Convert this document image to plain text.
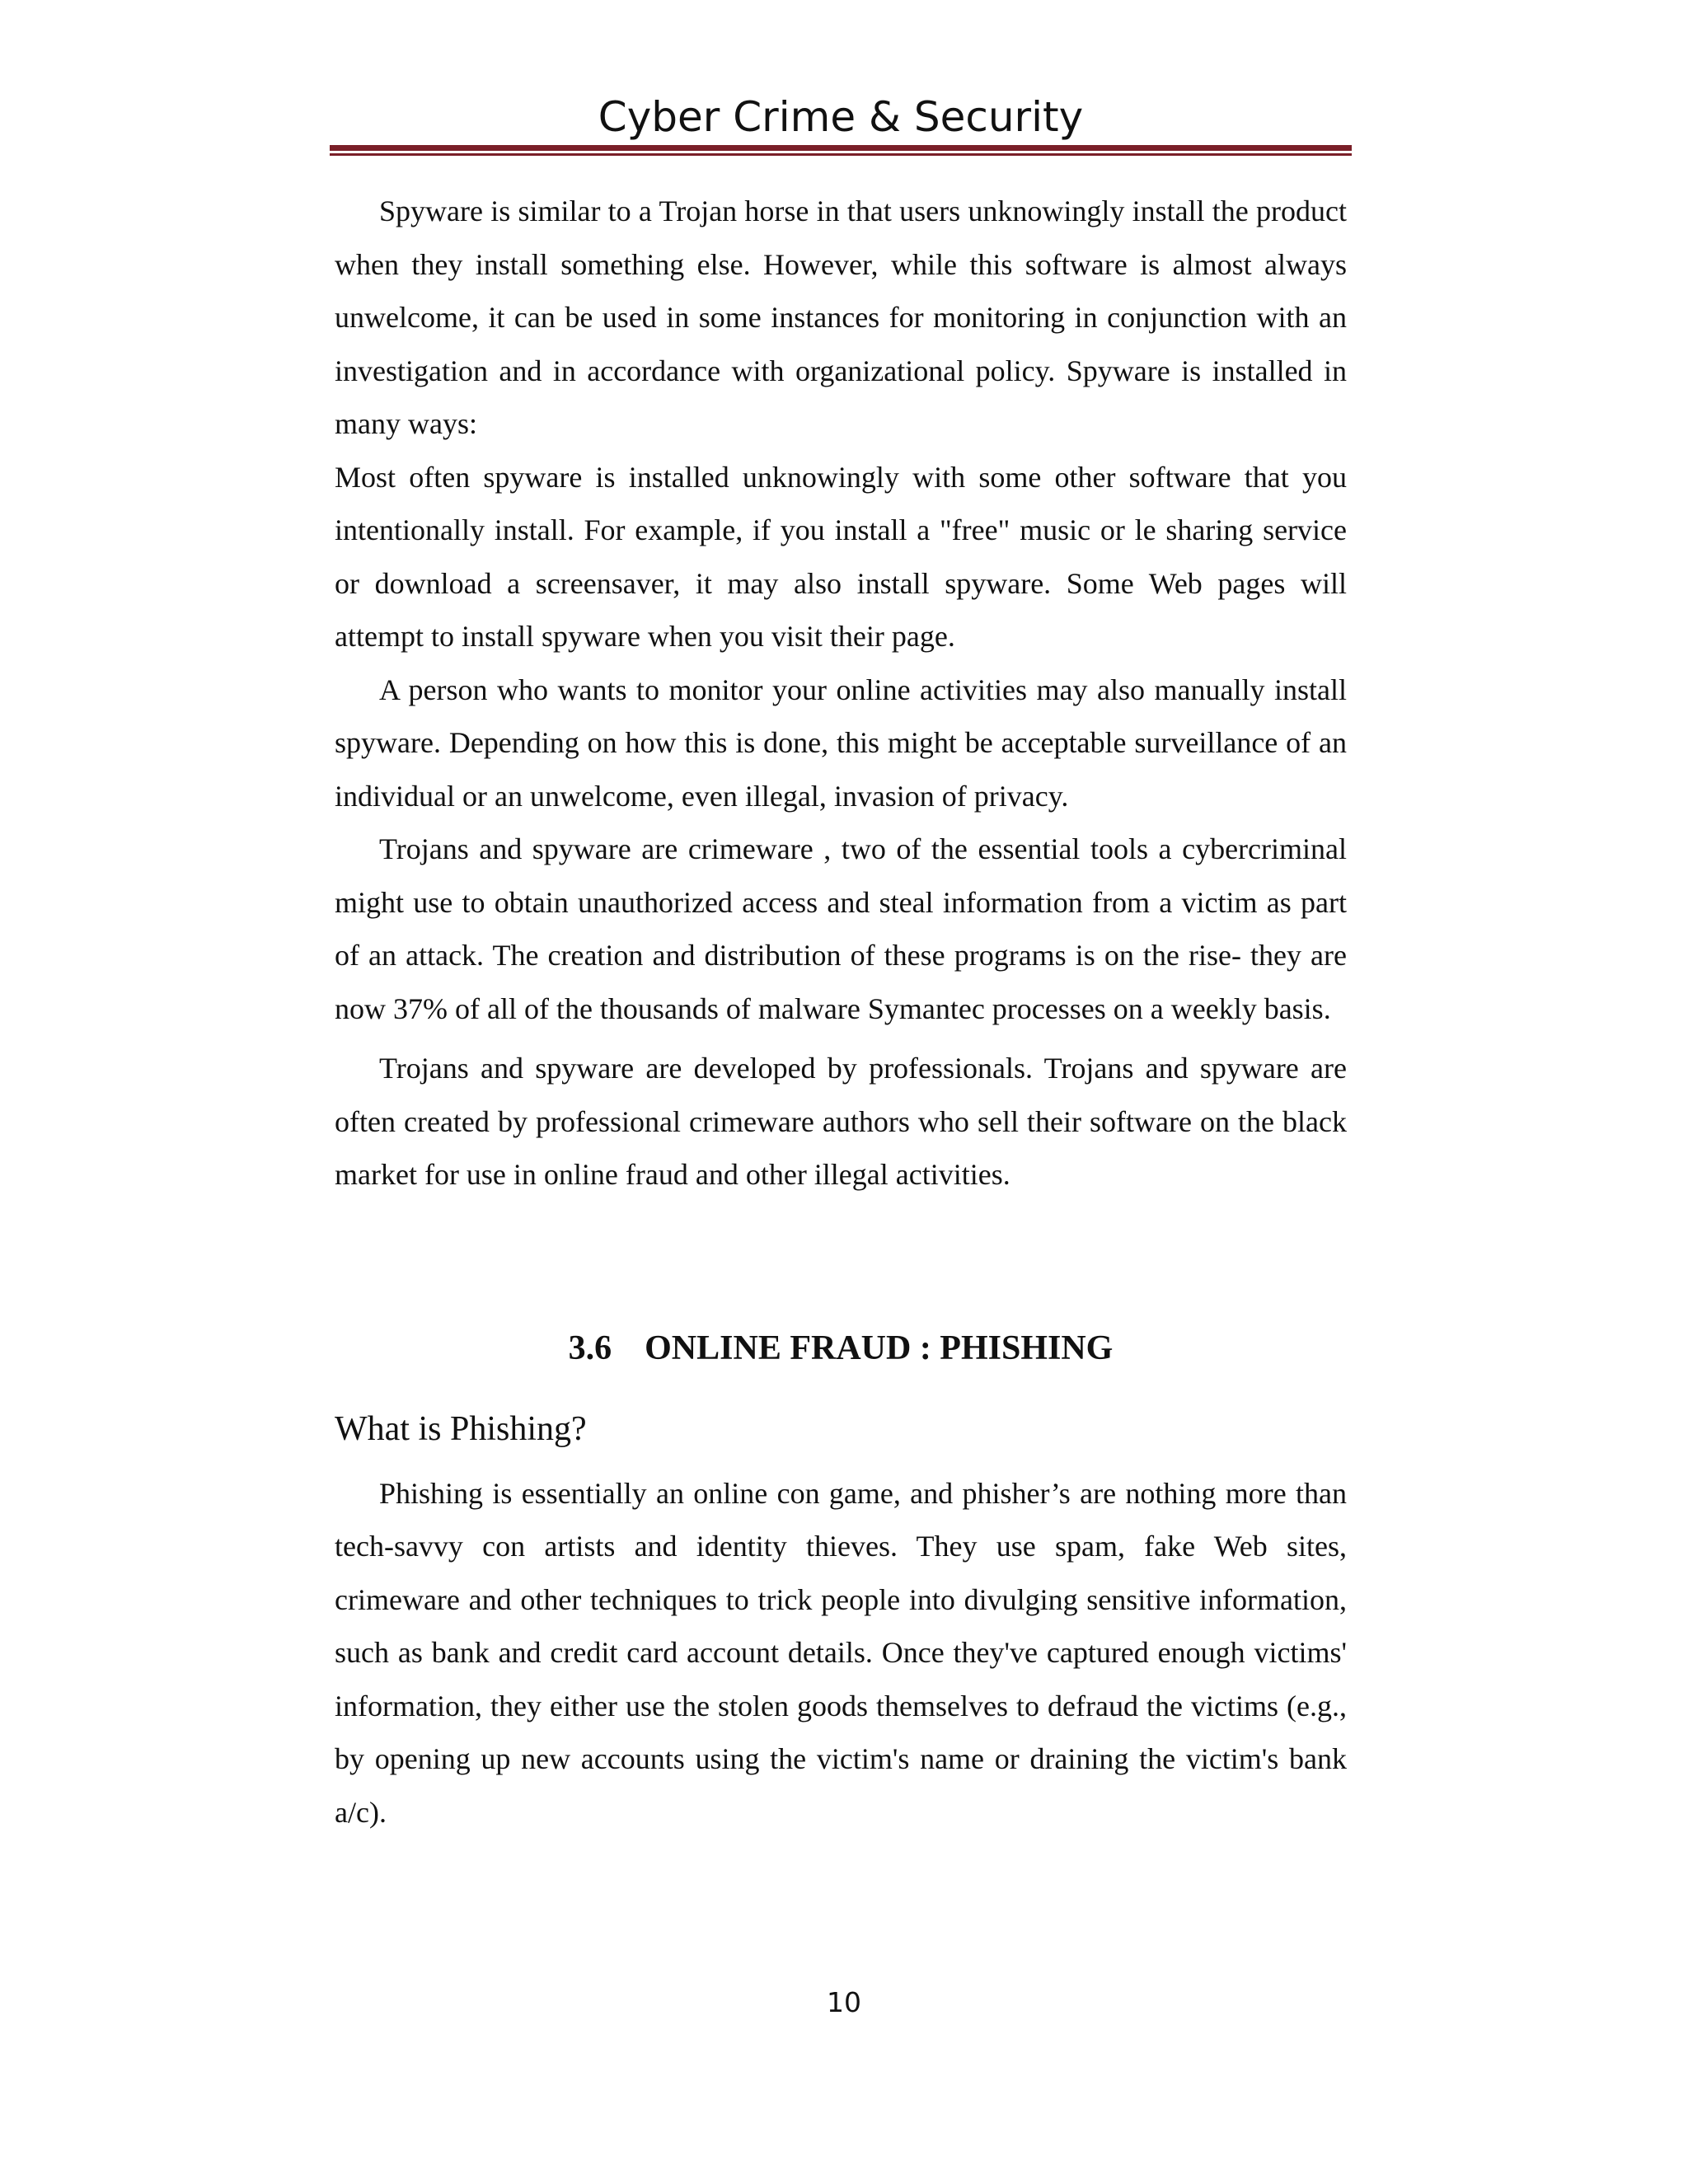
Cyber Crime & Security

Spyware is similar to a Trojan horse in that users unknowingly install the product when they install something else. However, while this software is almost always unwelcome, it can be used in some instances for monitoring in conjunction with an investigation and in accordance with organizational policy. Spyware is installed in many ways:

Most often spyware is installed unknowingly with some other software that you intentionally install. For example, if you install a "free" music or le sharing service or download a screensaver, it may also install spyware. Some Web pages will attempt to install spyware when you visit their page.

A person who wants to monitor your online activities may also manually install spyware. Depending on how this is done, this might be acceptable surveillance of an individual or an unwelcome, even illegal, invasion of privacy.

Trojans and spyware are crimeware , two of the essential tools a cybercriminal might use to obtain unauthorized access and steal information from a victim as part of an attack. The creation and distribution of these programs is on the rise- they are now 37% of all of the thousands of malware Symantec processes on a weekly basis.

Trojans and spyware are developed by professionals. Trojans and spyware are often created by professional crimeware authors who sell their software on the black market for use in online fraud and other illegal activities.

3.6 ONLINE FRAUD : PHISHING
What is Phishing?

Phishing is essentially an online con game, and phisher’s are nothing more than tech-savvy con artists and identity thieves. They use spam, fake Web sites, crimeware and other techniques to trick people into divulging sensitive information, such as bank and credit card account details. Once they've captured enough victims' information, they either use the stolen goods themselves to defraud the victims (e.g., by opening up new accounts using the victim's name or draining the victim's bank a/c).

10
